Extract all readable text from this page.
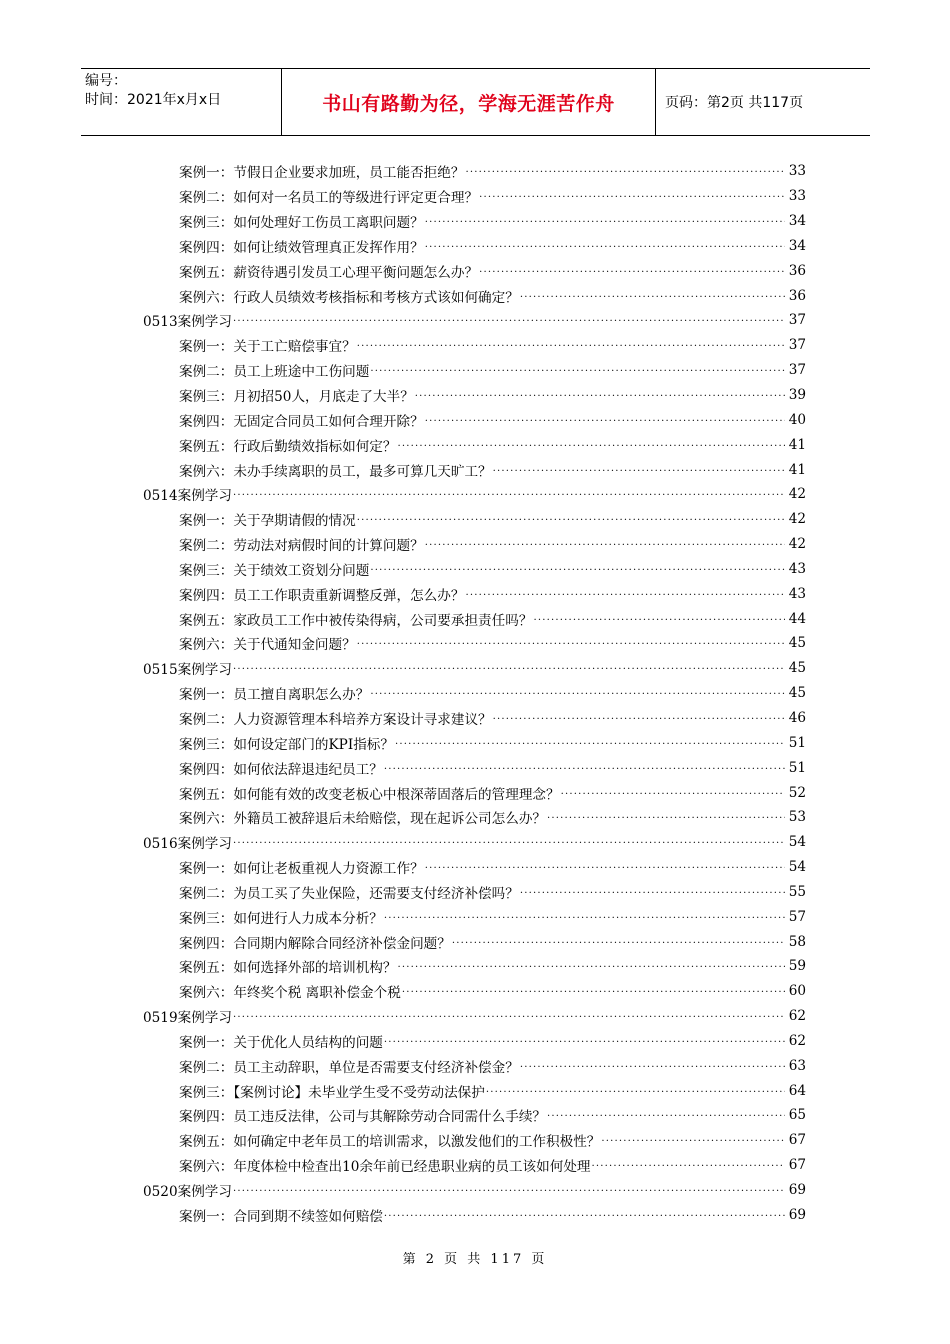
编号：
时间：2021年x月x日	书山有路勤为径，学海无涯苦作舟	页码：第2页 共117页
案例一：节假日企业要求加班，员工能否拒绝？ .....	33
案例二：如何对一名员工的等级进行评定更合理？ .....	33
案例三：如何处理好工伤员工离职问题？ .....	34
案例四：如何让绩效管理真正发挥作用？ .....	34
案例五：薪资待遇引发员工心理平衡问题怎么办？ .....	36
案例六：行政人员绩效考核指标和考核方式该如何确定？ .....	36
0513案例学习 .....	37
案例一：关于工亡赔偿事宜？ .....	37
案例二：员工上班途中工伤问题 .....	37
案例三：月初招50人，月底走了大半？ .....	39
案例四：无固定合同员工如何合理开除？ .....	40
案例五：行政后勤绩效指标如何定？ .....	41
案例六：未办手续离职的员工，最多可算几天旷工？ .....	41
0514案例学习 .....	42
案例一：关于孕期请假的情况 .....	42
案例二：劳动法对病假时间的计算问题？ .....	42
案例三：关于绩效工资划分问题 .....	43
案例四：员工工作职责重新调整反弹，怎么办？ .....	43
案例五：家政员工工作中被传染得病，公司要承担责任吗？ .....	44
案例六：关于代通知金问题？ .....	45
0515案例学习 .....	45
案例一：员工擅自离职怎么办？ .....	45
案例二：人力资源管理本科培养方案设计寻求建议？ .....	46
案例三：如何设定部门的KPI指标？ .....	51
案例四：如何依法辞退违纪员工？ .....	51
案例五：如何能有效的改变老板心中根深蒂固落后的管理理念？ .....	52
案例六：外籍员工被辞退后未给赔偿，现在起诉公司怎么办？ .....	53
0516案例学习 .....	54
案例一：如何让老板重视人力资源工作？ .....	54
案例二：为员工买了失业保险，还需要支付经济补偿吗？ .....	55
案例三：如何进行人力成本分析？ .....	57
案例四：合同期内解除合同经济补偿金问题？ .....	58
案例五：如何选择外部的培训机构？ .....	59
案例六：年终奖个税 离职补偿金个税 .....	60
0519案例学习 .....	62
案例一：关于优化人员结构的问题 .....	62
案例二：员工主动辞职，单位是否需要支付经济补偿金？ .....	63
案例三：【案例讨论】未毕业学生受不受劳动法保护 .....	64
案例四：员工违反法律，公司与其解除劳动合同需什么手续？ .....	65
案例五：如何确定中老年员工的培训需求，以激发他们的工作积极性？ .....	67
案例六：年度体检中检查出10余年前已经患职业病的员工该如何处理 .....	67
0520案例学习 .....	69
案例一：合同到期不续签如何赔偿 .....	69
第 2 页 共 117 页
